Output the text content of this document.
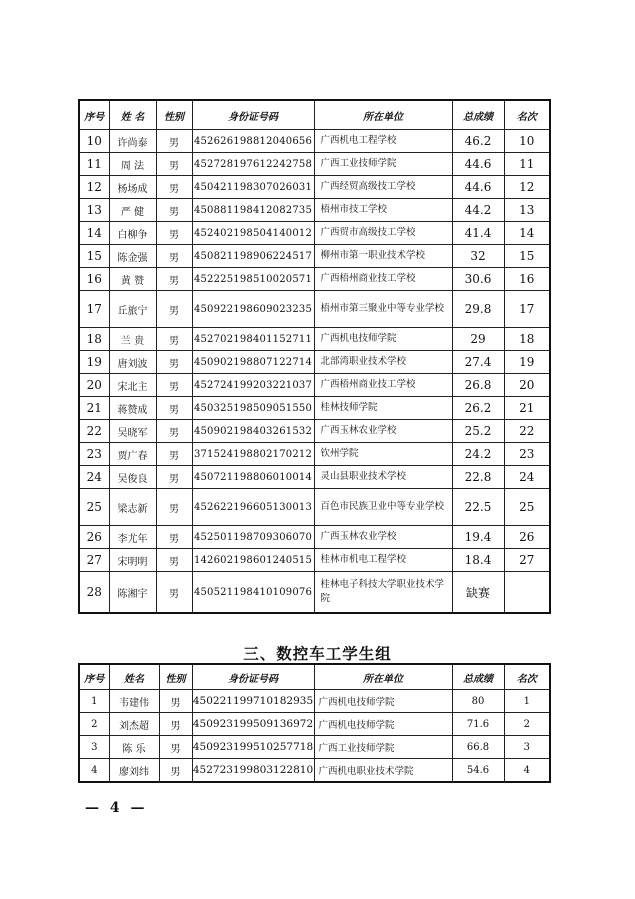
序号	姓 名	性别	身份证号码	所在单位	总成绩	名次
10	许尚泰	男	452626198812040656	广西机电工程学校	46.2	10
11	周 法	男	452728197612242758	广西工业技师学院	44.6	11
12	杨场成	男	450421198307026031	广西经贸高级技工学校	44.6	12
13	严 健	男	450881198412082735	梧州市技工学校	44.2	13
14	白柳争	男	452402198504140012	广西贸市高级技工学校	41.4	14
15	陈金强	男	450821198906224517	柳州市第一职业技术学校	32	15
16	黄 赞	男	452225198510020571	广西梧州商业技工学校	30.6	16
17	丘旅宁	男	450922198609023235	梧州市第三聚业中等专业学校	29.8	17
18	兰 贵	男	452702198401152711	广西机电技师学院	29	18
19	唐刘波	男	450902198807122714	北部湾职业技术学校	27.4	19
20	宋北主	男	452724199203221037	广西梧州商业技工学校	26.8	20
21	蒋赞成	男	450325198509051550	桂林技师学院	26.2	21
22	吴晓军	男	450902198403261532	广西玉林农业学校	25.2	22
23	贾广春	男	371524198802170212	钦州学院	24.2	23
24	吴俊良	男	450721198806010014	灵山县职业技术学校	22.8	24
25	梁志新	男	452622196605130013	百色市民族卫业中等专业学校	22.5	25
26	李尤年	男	452501198709306070	广西玉林农业学校	19.4	26
27	宋明明	男	142602198601240515	桂林市机电工程学校	18.4	27
28	陈湘宇	男	450521198410109076	桂林电子科技大学职业技术学院	缺赛	
三、数控车工学生组
序号	姓名	性别	身份证号码	所在单位	总成绩	名次
1	韦建伟	男	450221199710182935	广西机电技师学院	80	1
2	刘杰超	男	450923199509136972	广西机电技师学院	71.6	2
3	陈 乐	男	450923199510257718	广西工业技师学院	66.8	3
4	廖刘纬	男	452723199803122810	广西机电职业技术学院	54.6	4
— 4 —
